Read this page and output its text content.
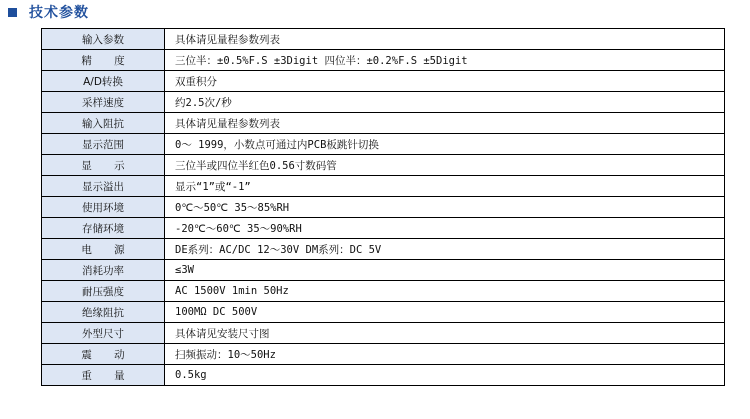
技术参数
输入参数	具体请见量程参数列表
精 度	三位半：±0.5%F.S ±3Digit 四位半：±0.2%F.S ±5Digit
A/D转换	双重积分
采样速度	约2.5次/秒
输入阻抗	具体请见量程参数列表
显示范围	0～ 1999，小数点可通过内PCB板跳针切换
显 示	三位半或四位半红色0.56寸数码管
显示溢出	显示“1”或“-1”
使用环境	0℃～50℃ 35～85%RH
存储环境	-20℃～60℃ 35～90%RH
电 源	DE系列：AC/DC 12～30V DM系列：DC 5V
消耗功率	≤3W
耐压强度	AC 1500V 1min 50Hz
绝缘阻抗	100MΩ DC 500V
外型尺寸	具体请见安装尺寸图
震 动	扫频振动：10～50Hz
重 量	0.5kg
